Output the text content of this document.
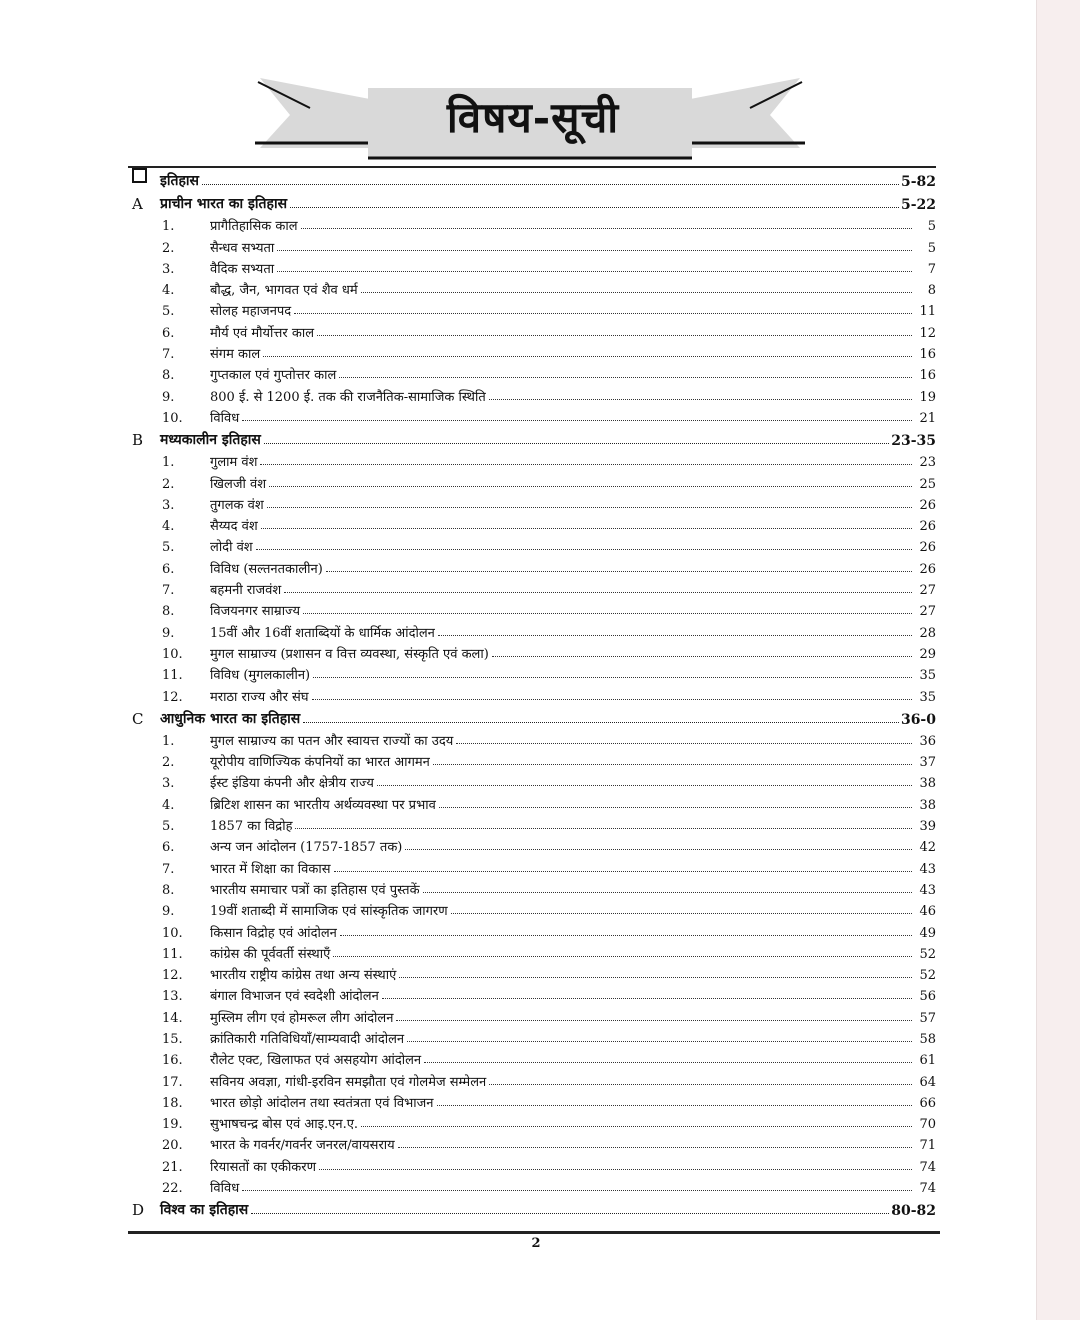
विषय-सूची
इतिहास	5-82
A	प्राचीन भारत का इतिहास	5-22
1.	प्रागैतिहासिक काल	5
2.	सैन्धव सभ्यता	5
3.	वैदिक सभ्यता	7
4.	बौद्ध, जैन, भागवत एवं शैव धर्म	8
5.	सोलह महाजनपद	11
6.	मौर्य एवं मौर्योत्तर काल	12
7.	संगम काल	16
8.	गुप्तकाल एवं गुप्तोत्तर काल	16
9.	800 ई. से 1200 ई. तक की राजनैतिक-सामाजिक स्थिति	19
10.	विविध	21
B	मध्यकालीन इतिहास	23-35
1.	गुलाम वंश	23
2.	खिलजी वंश	25
3.	तुगलक वंश	26
4.	सैय्यद वंश	26
5.	लोदी वंश	26
6.	विविध (सल्तनतकालीन)	26
7.	बहमनी राजवंश	27
8.	विजयनगर साम्राज्य	27
9.	15वीं और 16वीं शताब्दियों के धार्मिक आंदोलन	28
10.	मुगल साम्राज्य (प्रशासन व वित्त व्यवस्था, संस्कृति एवं कला)	29
11.	विविध (मुगलकालीन)	35
12.	मराठा राज्य और संघ	35
C	आधुनिक भारत का इतिहास	36-0
1.	मुगल साम्राज्य का पतन और स्वायत्त राज्यों का उदय	36
2.	यूरोपीय वाणिज्यिक कंपनियों का भारत आगमन	37
3.	ईस्ट इंडिया कंपनी और क्षेत्रीय राज्य	38
4.	ब्रिटिश शासन का भारतीय अर्थव्यवस्था पर प्रभाव	38
5.	1857 का विद्रोह	39
6.	अन्य जन आंदोलन (1757-1857 तक)	42
7.	भारत में शिक्षा का विकास	43
8.	भारतीय समाचार पत्रों का इतिहास एवं पुस्तकें	43
9.	19वीं शताब्दी में सामाजिक एवं सांस्कृतिक जागरण	46
10.	किसान विद्रोह एवं आंदोलन	49
11.	कांग्रेस की पूर्ववर्ती संस्थाएँ	52
12.	भारतीय राष्ट्रीय कांग्रेस तथा अन्य संस्थाएं	52
13.	बंगाल विभाजन एवं स्वदेशी आंदोलन	56
14.	मुस्लिम लीग एवं होमरूल लीग आंदोलन	57
15.	क्रांतिकारी गतिविधियाँ/साम्यवादी आंदोलन	58
16.	रौलेट एक्ट, खिलाफत एवं असहयोग आंदोलन	61
17.	सविनय अवज्ञा, गांधी-इरविन समझौता एवं गोलमेज सम्मेलन	64
18.	भारत छोड़ो आंदोलन तथा स्वतंत्रता एवं विभाजन	66
19.	सुभाषचन्द्र बोस एवं आइ.एन.ए.	70
20.	भारत के गवर्नर/गवर्नर जनरल/वायसराय	71
21.	रियासतों का एकीकरण	74
22.	विविध	74
D	विश्व का इतिहास	80-82
2
